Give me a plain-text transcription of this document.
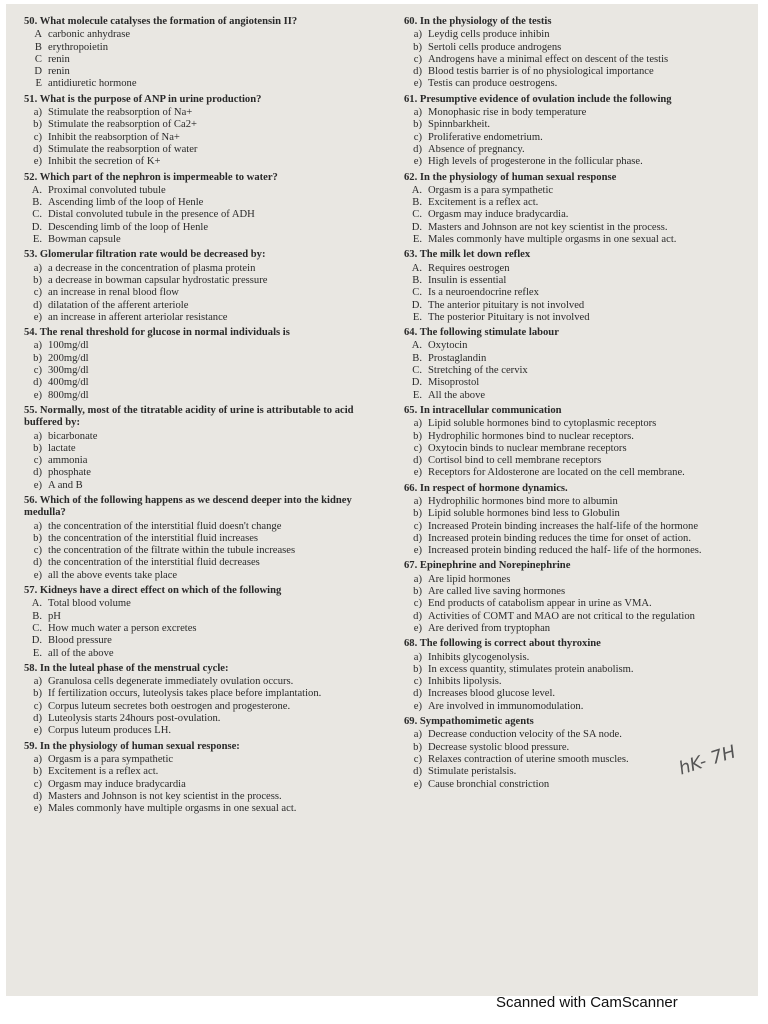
50. What molecule catalyses the formation of angiotensin II?
A carbonic anhydrase
B erythropoietin
C renin
D renin
E antidiuretic hormone
51. What is the purpose of ANP in urine production?
a) Stimulate the reabsorption of Na+
b) Stimulate the reabsorption of Ca2+
c) Inhibit the reabsorption of Na+
d) Stimulate the reabsorption of water
e) Inhibit the secretion of K+
52. Which part of the nephron is impermeable to water?
A. Proximal convoluted tubule
B. Ascending limb of the loop of Henle
C. Distal convoluted tubule in the presence of ADH
D. Descending limb of the loop of Henle
E. Bowman capsule
53. Glomerular filtration rate would be decreased by:
a) a decrease in the concentration of plasma protein
b) a decrease in bowman capsular hydrostatic pressure
c) an increase in renal blood flow
d) dilatation of the afferent arteriole
e) an increase in afferent arteriolar resistance
54. The renal threshold for glucose in normal individuals is
a) 100mg/dl
b) 200mg/dl
c) 300mg/dl
d) 400mg/dl
e) 800mg/dl
55. Normally, most of the titratable acidity of urine is attributable to acid buffered by:
a) bicarbonate
b) lactate
c) ammonia
d) phosphate
e) A and B
56. Which of the following happens as we descend deeper into the kidney medulla?
a) the concentration of the interstitial fluid doesn't change
b) the concentration of the interstitial fluid increases
c) the concentration of the filtrate within the tubule increases
d) the concentration of the interstitial fluid decreases
e) all the above events take place
57. Kidneys have a direct effect on which of the following
A. Total blood volume
B. pH
C. How much water a person excretes
D. Blood pressure
E. all of the above
58. In the luteal phase of the menstrual cycle:
a) Granulosa cells degenerate immediately ovulation occurs.
b) If fertilization occurs, luteolysis takes place before implantation.
c) Corpus luteum secretes both oestrogen and progesterone.
d) Luteolysis starts 24hours post-ovulation.
e) Corpus luteum produces LH.
59. In the physiology of human sexual response:
a) Orgasm is a para sympathetic
b) Excitement is a reflex act.
c) Orgasm may induce bradycardia
d) Masters and Johnson is not key scientist in the process.
e) Males commonly have multiple orgasms in one sexual act.
60. In the physiology of the testis
a) Leydig cells produce inhibin
b) Sertoli cells produce androgens
c) Androgens have a minimal effect on descent of the testis
d) Blood testis barrier is of no physiological importance
e) Testis can produce oestrogens.
61. Presumptive evidence of ovulation include the following
a) Monophasic rise in body temperature
b) Spinnbarkheit.
c) Proliferative endometrium.
d) Absence of pregnancy.
e) High levels of progesterone in the follicular phase.
62. In the physiology of human sexual response
A. Orgasm is a para sympathetic
B. Excitement is a reflex act.
C. Orgasm may induce bradycardia.
D. Masters and Johnson are not key scientist in the process.
E. Males commonly have multiple orgasms in one sexual act.
63. The milk let down reflex
A. Requires oestrogen
B. Insulin is essential
C. Is a neuroendocrine reflex
D. The anterior pituitary is not involved
E. The posterior Pituitary is not involved
64. The following stimulate labour
A. Oxytocin
B. Prostaglandin
C. Stretching of the cervix
D. Misoprostol
E. All the above
65. In intracellular communication
a) Lipid soluble hormones bind to cytoplasmic receptors
b) Hydrophilic hormones bind to nuclear receptors.
c) Oxytocin binds to nuclear membrane receptors
d) Cortisol bind to cell membrane receptors
e) Receptors for Aldosterone are located on the cell membrane.
66. In respect of hormone dynamics.
a) Hydrophilic hormones bind more to albumin
b) Lipid soluble hormones bind less to Globulin
c) Increased Protein binding increases the half-life of the hormone
d) Increased protein binding reduces the time for onset of action.
e) Increased protein binding reduced the half- life of the hormones.
67. Epinephrine and Norepinephrine
a) Are lipid hormones
b) Are called live saving hormones
c) End products of catabolism appear in urine as VMA.
d) Activities of COMT and MAO are not critical to the regulation
e) Are derived from tryptophan
68. The following is correct about thyroxine
a) Inhibits glycogenolysis.
b) In excess quantity, stimulates protein anabolism.
c) Inhibits lipolysis.
d) Increases blood glucose level.
e) Are involved in immunomodulation.
69. Sympathomimetic agents
a) Decrease conduction velocity of the SA node.
b) Decrease systolic blood pressure.
c) Relaxes contraction of uterine smooth muscles.
d) Stimulate peristalsis.
e) Cause bronchial constriction
hK- 7H
Scanned with CamScanner
